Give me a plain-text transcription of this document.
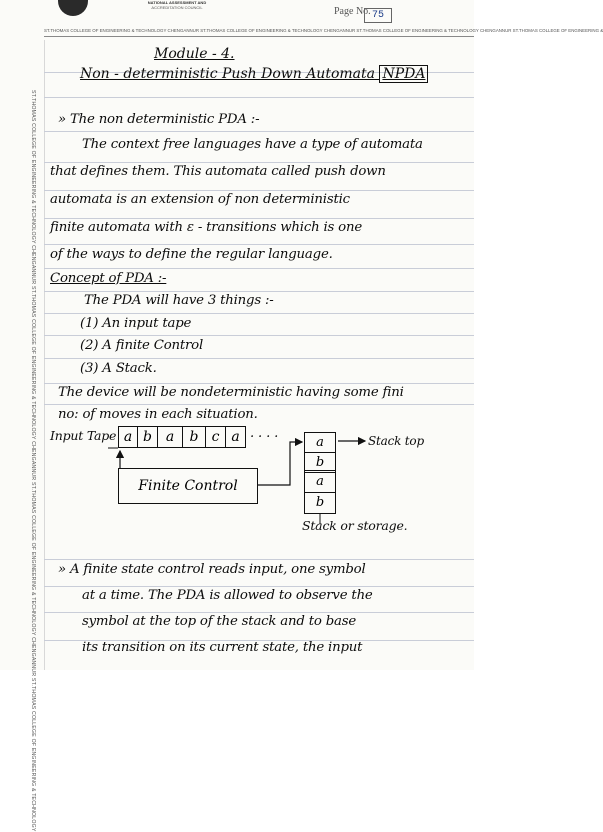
NATIONAL ASSESSMENT AND
ACCREDITATION COUNCIL	Page No. 75
ST.THOMAS COLLEGE OF ENGINEERING & TECHNOLOGY CHENGANNUR ST.THOMAS COLLEGE OF ENGINEERING & TECHNOLOGY CHENGANNUR ST.THOMAS COLLEGE OF ENGINEERING & TECHNOLOGY CHENGANNUR ST.THOMAS COLLEGE OF ENGINEERING &
ST.THOMAS COLLEGE OF ENGINEERING & TECHNOLOGY CHENGANNUR ST.THOMAS COLLEGE OF ENGINEERING & TECHNOLOGY CHENGANNUR ST.THOMAS COLLEGE OF ENGINEERING & TECHNOLOGY CHENGANNUR ST.THOMAS COLLEGE OF ENGINEERING & TECHNOLOGY
Module - 4.
Non - deterministic Push Down Automata NPDA
» The non deterministic PDA :-
The context free languages have a type of automata
that defines them. This automata called push down
automata is an extension of non deterministic
finite automata with ε - transitions which is one
of the ways to define the regular language.
Concept of PDA :-
The PDA will have 3 things :-
(1) An input tape
(2) A finite Control
(3) A Stack.
The device will be nondeterministic having some fini
no: of moves in each situation.
Input Tape a b a	b c a . . . .
a
b
a
b
Stack top
Finite Control
Stack or storage.
» A finite state control reads input, one symbol
at a time. The PDA is allowed to observe the
symbol at the top of the stack and to base
its transition on its current state, the input
